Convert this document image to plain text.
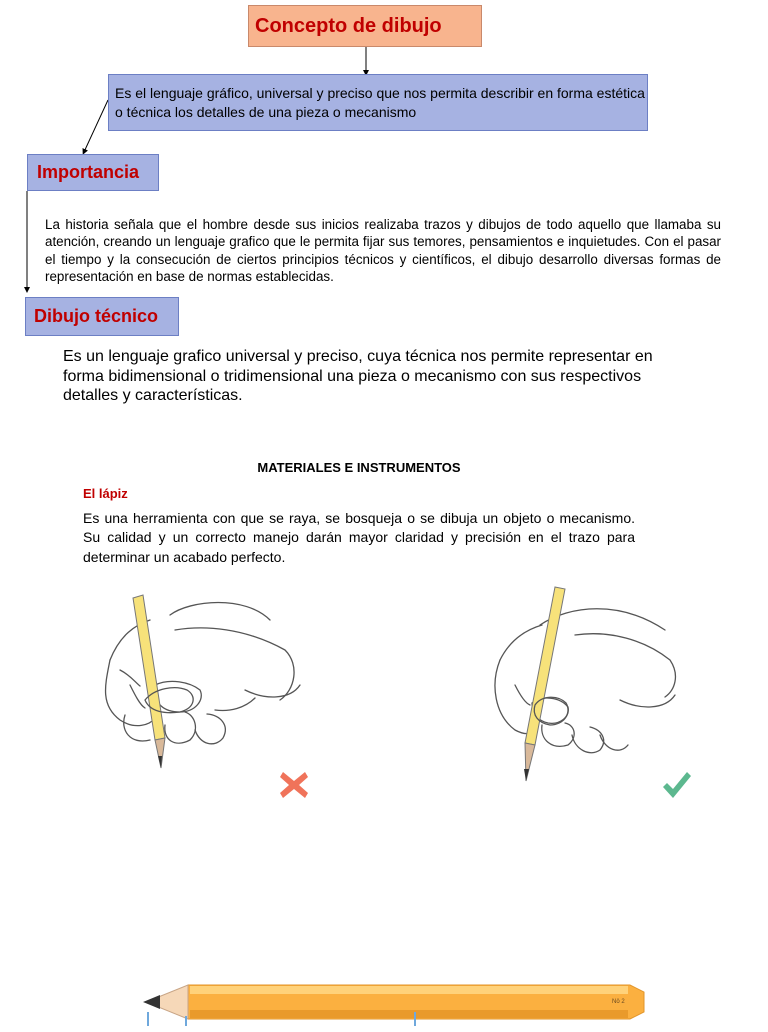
Concepto de dibujo
Es el lenguaje gráfico, universal y preciso que nos permita describir en forma estética o técnica los detalles de una pieza o mecanismo
Importancia
La historia señala que el hombre desde sus inicios realizaba trazos y dibujos de todo aquello que llamaba su atención, creando un lenguaje grafico que le permita fijar sus temores, pensamientos e inquietudes. Con el pasar el tiempo y la consecución de ciertos principios técnicos y científicos, el dibujo desarrollo diversas formas de representación en base de normas establecidas.
Dibujo técnico
Es un lenguaje grafico universal y preciso, cuya técnica nos permite representar en forma bidimensional o tridimensional una pieza o mecanismo con sus respectivos detalles y características.
MATERIALES E INSTRUMENTOS
El lápiz
Es una herramienta con que se raya, se bosqueja o se dibuja un objeto o mecanismo. Su calidad y un correcto manejo darán mayor claridad y precisión en el trazo para determinar un acabado perfecto.
Nö 2
